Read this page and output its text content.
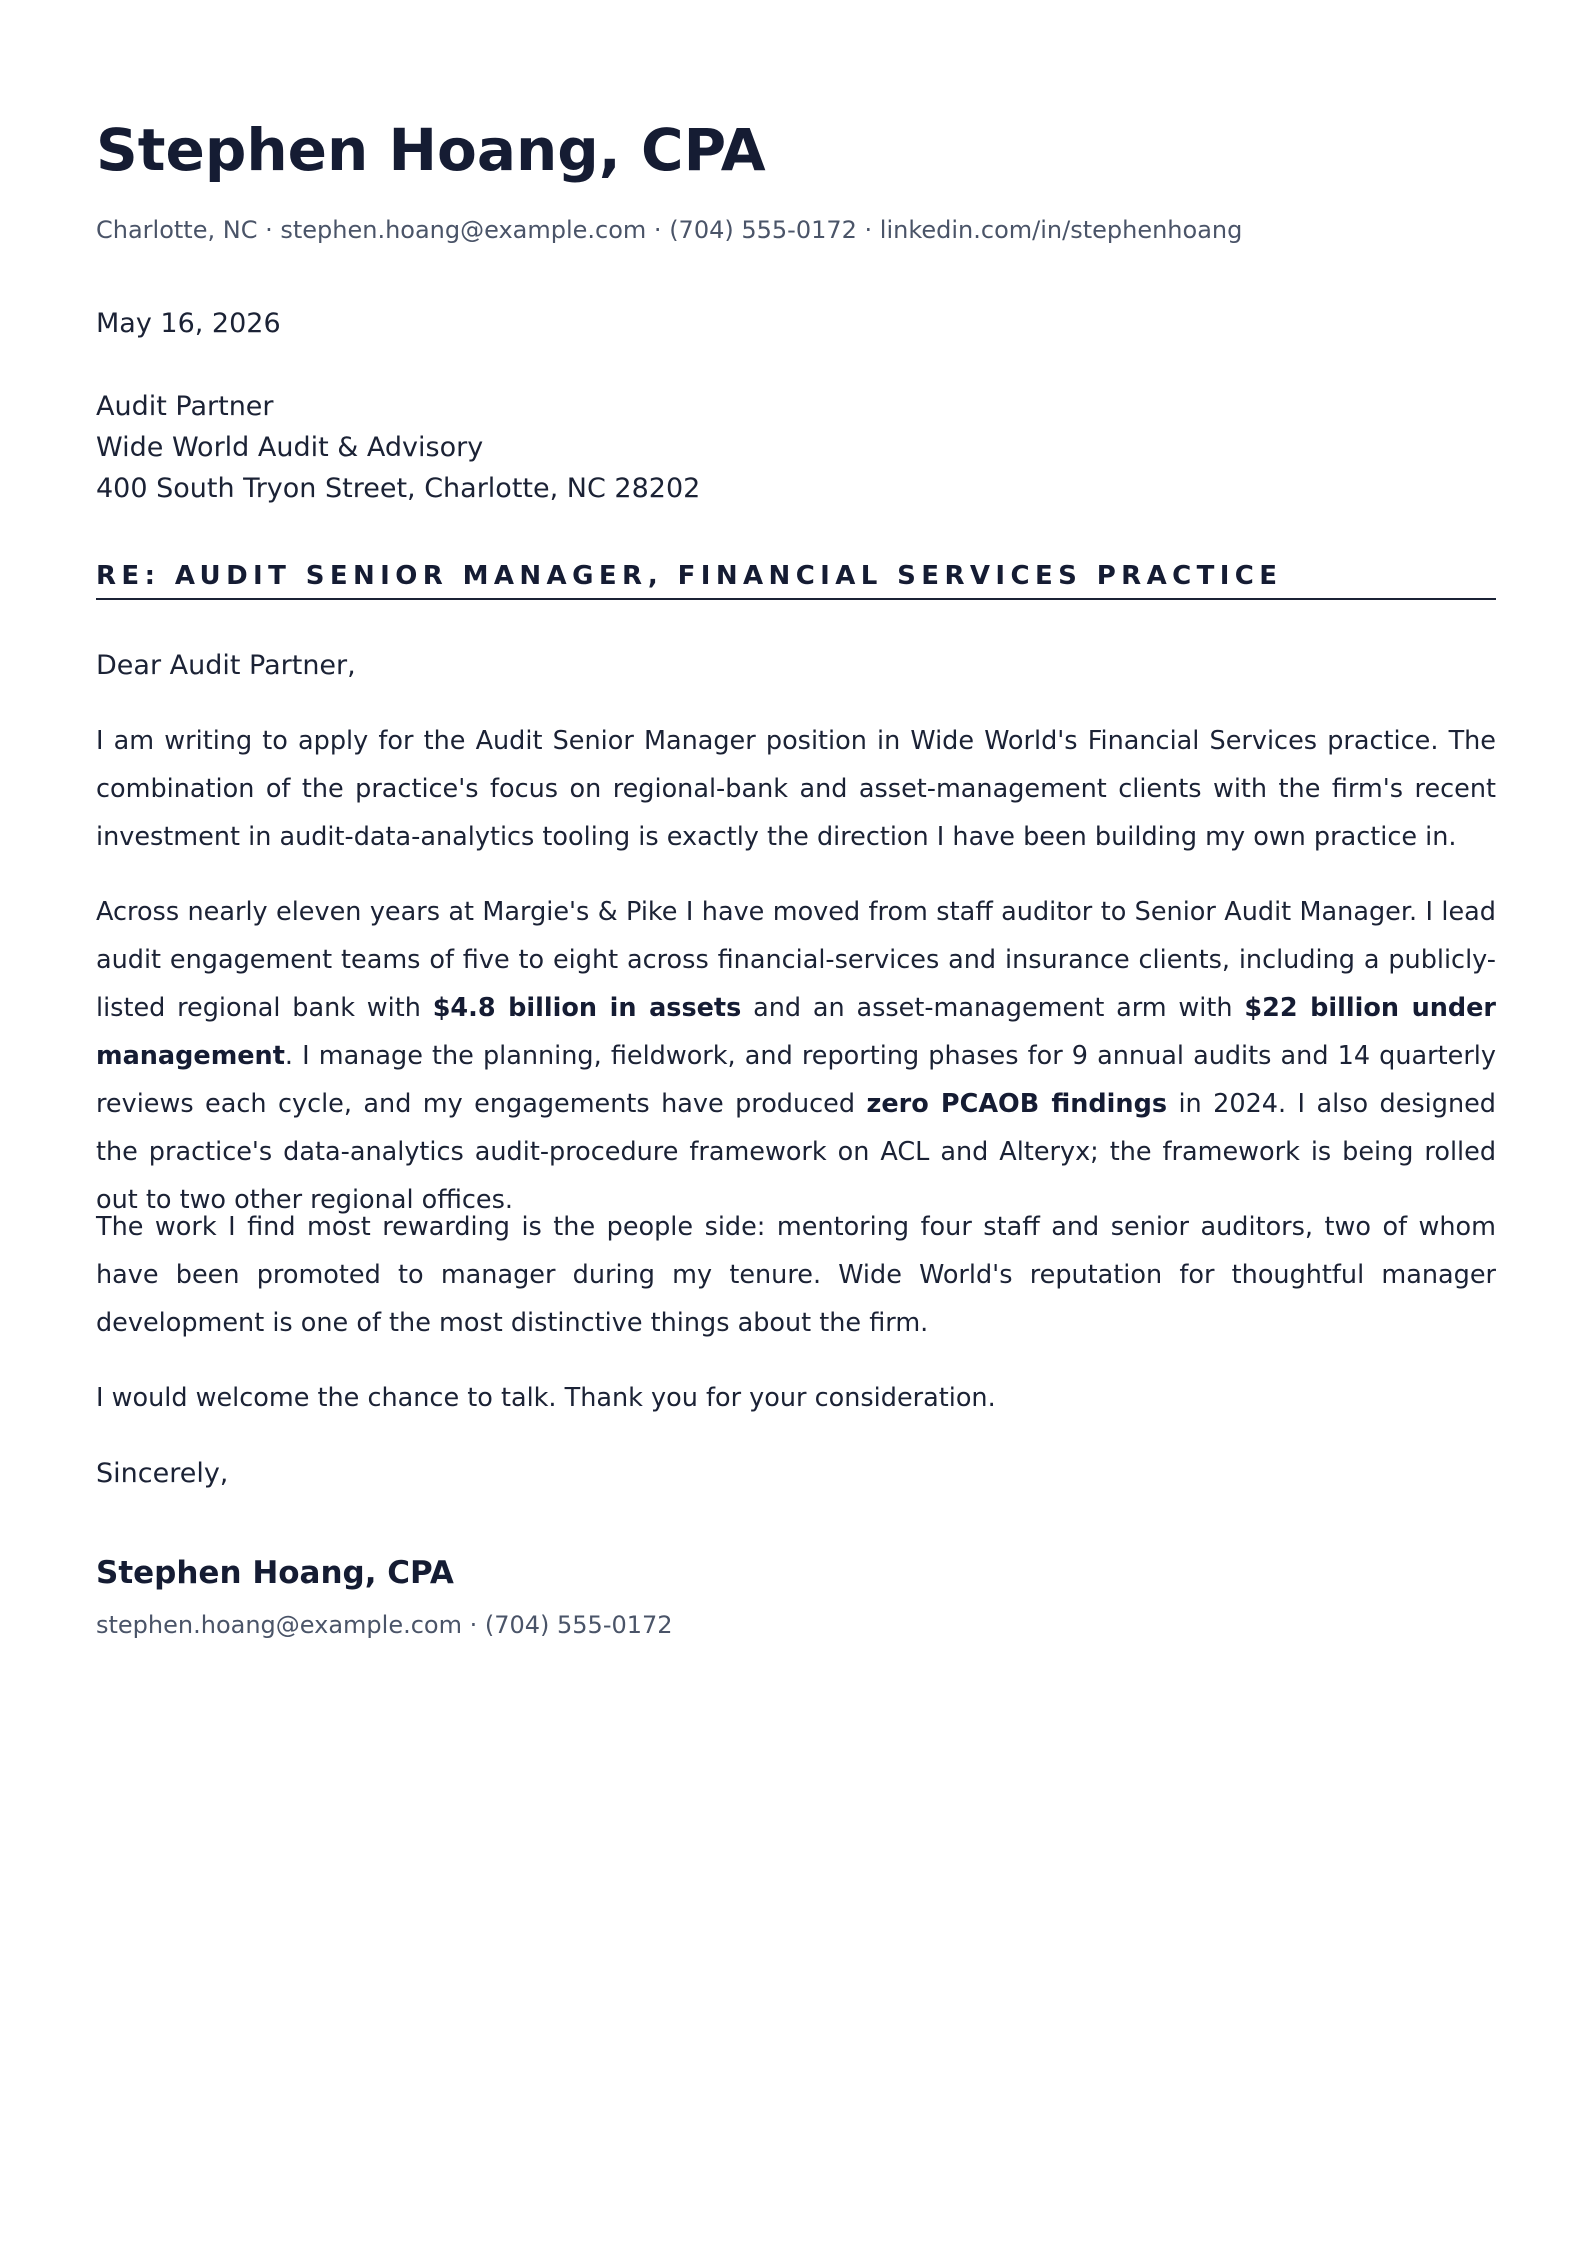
Stephen Hoang, CPA
Charlotte, NC · stephen.hoang@example.com · (704) 555-0172 · linkedin.com/in/stephenhoang
May 16, 2026
Audit Partner
Wide World Audit & Advisory
400 South Tryon Street, Charlotte, NC 28202
RE: AUDIT SENIOR MANAGER, FINANCIAL SERVICES PRACTICE
Dear Audit Partner,

I am writing to apply for the Audit Senior Manager position in Wide World's Financial Services practice. The combination of the practice's focus on regional-bank and asset-management clients with the firm's recent investment in audit-data-analytics tooling is exactly the direction I have been building my own practice in.

Across nearly eleven years at Margie's & Pike I have moved from staff auditor to Senior Audit Manager. I lead audit engagement teams of five to eight across financial-services and insurance clients, including a publicly-listed regional bank with $4.8 billion in assets and an asset-management arm with $22 billion under management. I manage the planning, fieldwork, and reporting phases for 9 annual audits and 14 quarterly reviews each cycle, and my engagements have produced zero PCAOB findings in 2024. I also designed the practice's data-analytics audit-procedure framework on ACL and Alteryx; the framework is being rolled out to two other regional offices.

The work I find most rewarding is the people side: mentoring four staff and senior auditors, two of whom have been promoted to manager during my tenure. Wide World's reputation for thoughtful manager development is one of the most distinctive things about the firm.

I would welcome the chance to talk. Thank you for your consideration.

Sincerely,
Stephen Hoang, CPA
stephen.hoang@example.com · (704) 555-0172
